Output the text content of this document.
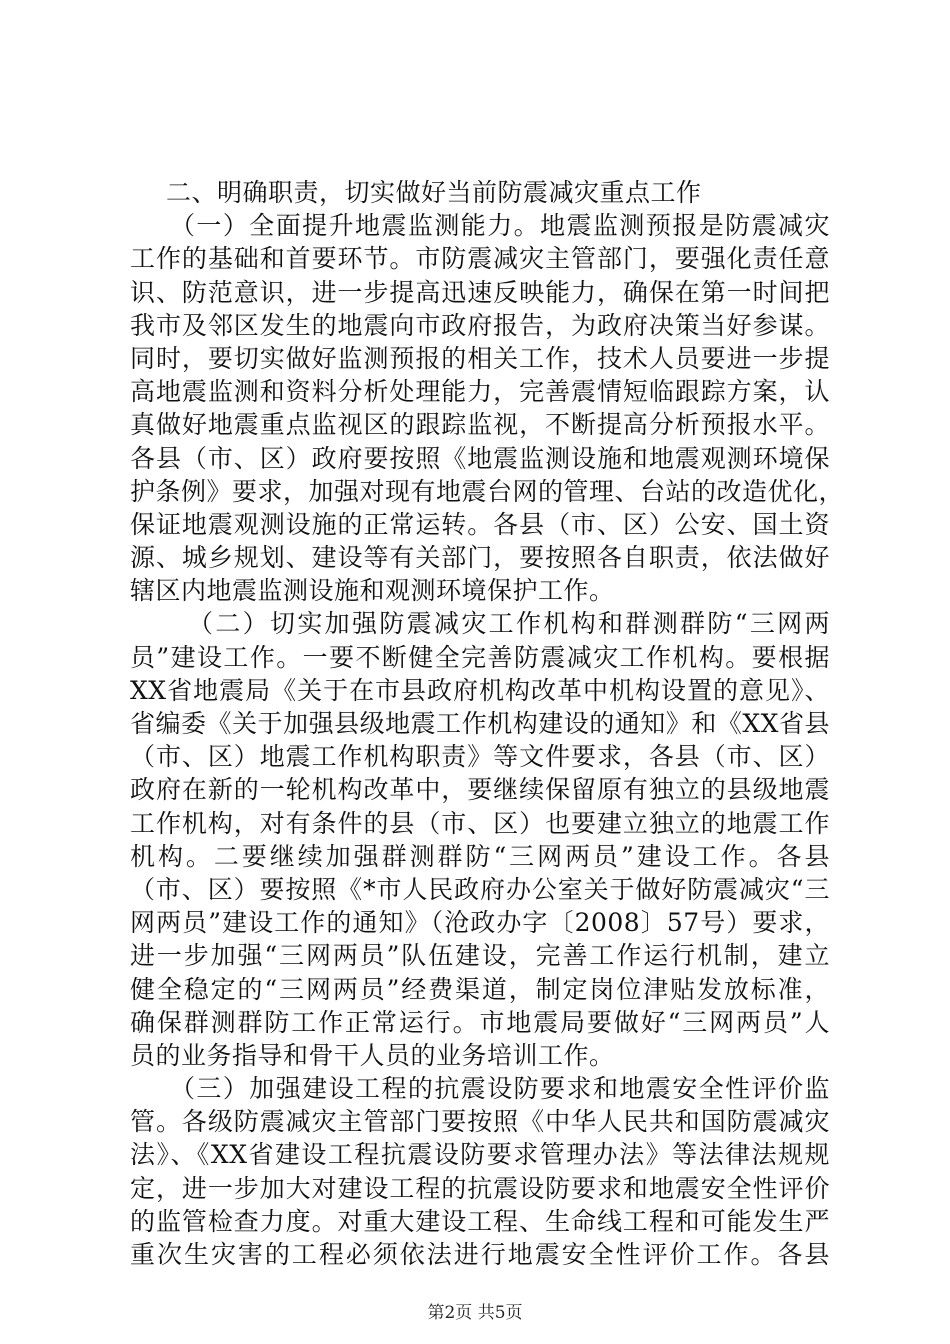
二、明确职责，切实做好当前防震减灾重点工作
（一）全面提升地震监测能力。地震监测预报是防震减灾
工作的基础和首要环节。市防震减灾主管部门，要强化责任意
识、防范意识，进一步提高迅速反映能力，确保在第一时间把
我市及邻区发生的地震向市政府报告，为政府决策当好参谋。
同时，要切实做好监测预报的相关工作，技术人员要进一步提
高地震监测和资料分析处理能力，完善震情短临跟踪方案，认
真做好地震重点监视区的跟踪监视，不断提高分析预报水平。
各县（市、区）政府要按照《地震监测设施和地震观测环境保
护条例》要求，加强对现有地震台网的管理、台站的改造优化，
保证地震观测设施的正常运转。各县（市、区）公安、国土资
源、城乡规划、建设等有关部门，要按照各自职责，依法做好
辖区内地震监测设施和观测环境保护工作。
（二）切实加强防震减灾工作机构和群测群防“三网两
员”建设工作。一要不断健全完善防震减灾工作机构。要根据
XX省地震局《关于在市县政府机构改革中机构设置的意见》、
省编委《关于加强县级地震工作机构建设的通知》和《XX省县
（市、区）地震工作机构职责》等文件要求，各县（市、区）
政府在新的一轮机构改革中，要继续保留原有独立的县级地震
工作机构，对有条件的县（市、区）也要建立独立的地震工作
机构。二要继续加强群测群防“三网两员”建设工作。各县
（市、区）要按照《*市人民政府办公室关于做好防震减灾“三
网两员”建设工作的通知》（沧政办字〔2008〕57号）要求，
进一步加强“三网两员”队伍建设，完善工作运行机制，建立
健全稳定的“三网两员”经费渠道，制定岗位津贴发放标准，
确保群测群防工作正常运行。市地震局要做好“三网两员”人
员的业务指导和骨干人员的业务培训工作。
（三）加强建设工程的抗震设防要求和地震安全性评价监
管。各级防震减灾主管部门要按照《中华人民共和国防震减灾
法》、《XX省建设工程抗震设防要求管理办法》等法律法规规
定，进一步加大对建设工程的抗震设防要求和地震安全性评价
的监管检查力度。对重大建设工程、生命线工程和可能发生严
重次生灾害的工程必须依法进行地震安全性评价工作。各县
第2页 共5页
